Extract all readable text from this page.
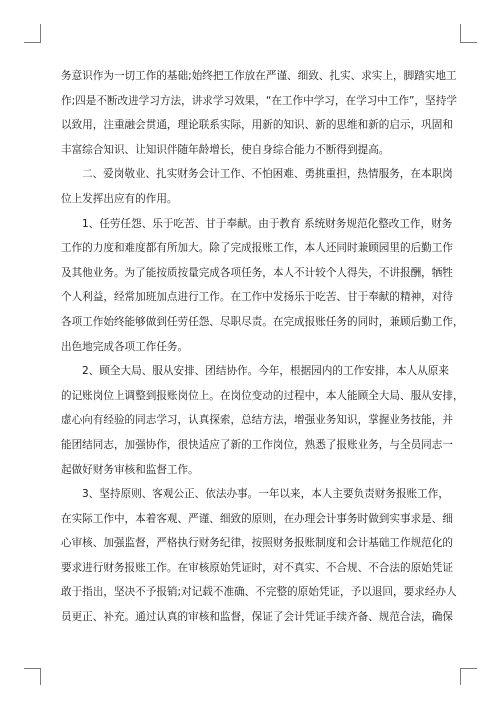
务意识作为一切工作的基础;始终把工作放在严谨、细致、扎实、求实上，脚踏实地工
作;四是不断改进学习方法，讲求学习效果，“在工作中学习，在学习中工作”，坚持学
以致用，注重融会贯通，理论联系实际，用新的知识、新的思维和新的启示，巩固和
丰富综合知识、让知识伴随年龄增长，使自身综合能力不断得到提高。
二、爱岗敬业、扎实财务会计工作、不怕困难、勇挑重担，热情服务，在本职岗
位上发挥出应有的作用。
1、任劳任怨、乐于吃苦、甘于奉献。由于教育 系统财务规范化整改工作，财务
工作的力度和难度都有所加大。除了完成报账工作，本人还同时兼顾园里的后勤工作
及其他业务。为了能按质按量完成各项任务，本人不计较个人得失，不讲报酬，牺牲
个人利益，经常加班加点进行工作。在工作中发扬乐于吃苦、甘于奉献的精神，对待
各项工作始终能够做到任劳任怨、尽职尽责。在完成报账任务的同时，兼顾后勤工作，
出色地完成各项工作任务。
2、顾全大局、服从安排、团结协作。今年，根据园内的工作安排，本人从原来
的记账岗位上调整到报账岗位上。在岗位变动的过程中，本人能顾全大局、服从安排，
虚心向有经验的同志学习，认真探索，总结方法，增强业务知识，掌握业务技能，并
能团结同志，加强协作，很快适应了新的工作岗位，熟悉了报账业务，与全员同志一
起做好财务审核和监督工作。
3、坚持原则、客观公正、依法办事。一年以来，本人主要负责财务报账工作，
在实际工作中，本着客观、严谨、细致的原则，在办理会计事务时做到实事求是、细
心审核、加强监督，严格执行财务纪律，按照财务报账制度和会计基础工作规范化的
要求进行财务报账工作。在审核原始凭证时，对不真实、不合规、不合法的原始凭证
敢于指出，坚决不予报销;对记载不准确、不完整的原始凭证，予以退回，要求经办人
员更正、补充。通过认真的审核和监督，保证了会计凭证手续齐备、规范合法，确保
